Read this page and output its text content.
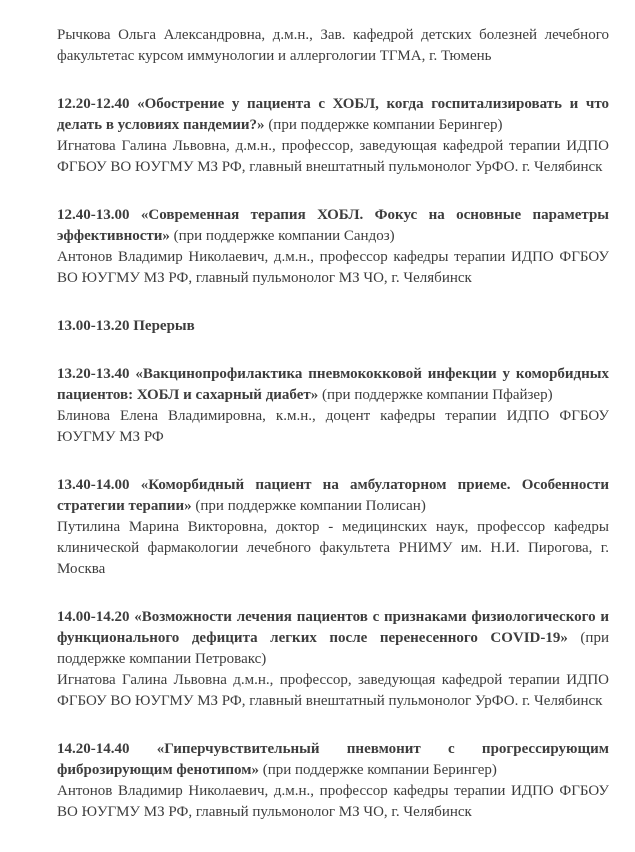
Рычкова Ольга Александровна, д.м.н., Зав. кафедрой детских болезней лечебного факультетас курсом иммунологии и аллергологии ТГМА, г. Тюмень

12.20-12.40 «Обострение у пациента с ХОБЛ, когда госпитализировать и что делать в условиях пандемии?» (при поддержке компании Берингер)

Игнатова Галина Львовна, д.м.н., профессор, заведующая кафедрой терапии ИДПО ФГБОУ ВО ЮУГМУ МЗ РФ, главный внештатный пульмонолог УрФО. г. Челябинск

12.40-13.00 «Современная терапия ХОБЛ. Фокус на основные параметры эффективности» (при поддержке компании Сандоз)

Антонов Владимир Николаевич, д.м.н., профессор кафедры терапии ИДПО ФГБОУ ВО ЮУГМУ МЗ РФ, главный пульмонолог МЗ ЧО, г. Челябинск

13.00-13.20 Перерыв

13.20-13.40 «Вакцинопрофилактика пневмококковой инфекции у коморбидных пациентов: ХОБЛ и сахарный диабет» (при поддержке компании Пфайзер)

Блинова Елена Владимировна, к.м.н., доцент кафедры терапии ИДПО ФГБОУ ЮУГМУ МЗ РФ

13.40-14.00 «Коморбидный пациент на амбулаторном приеме. Особенности стратегии терапии» (при поддержке компании Полисан)

Путилина Марина Викторовна, доктор - медицинских наук, профессор кафедры клинической фармакологии лечебного факультета РНИМУ им. Н.И. Пирогова, г. Москва

14.00-14.20 «Возможности лечения пациентов с признаками физиологического и функционального дефицита легких после перенесенного COVID-19» (при поддержке компании Петровакс)

Игнатова Галина Львовна д.м.н., профессор, заведующая кафедрой терапии ИДПО ФГБОУ ВО ЮУГМУ МЗ РФ, главный внештатный пульмонолог УрФО. г. Челябинск

14.20-14.40 «Гиперчувствительный пневмонит с прогрессирующим фиброзирующим фенотипом» (при поддержке компании Берингер)

Антонов Владимир Николаевич, д.м.н., профессор кафедры терапии ИДПО ФГБОУ ВО ЮУГМУ МЗ РФ, главный пульмонолог МЗ ЧО, г. Челябинск
